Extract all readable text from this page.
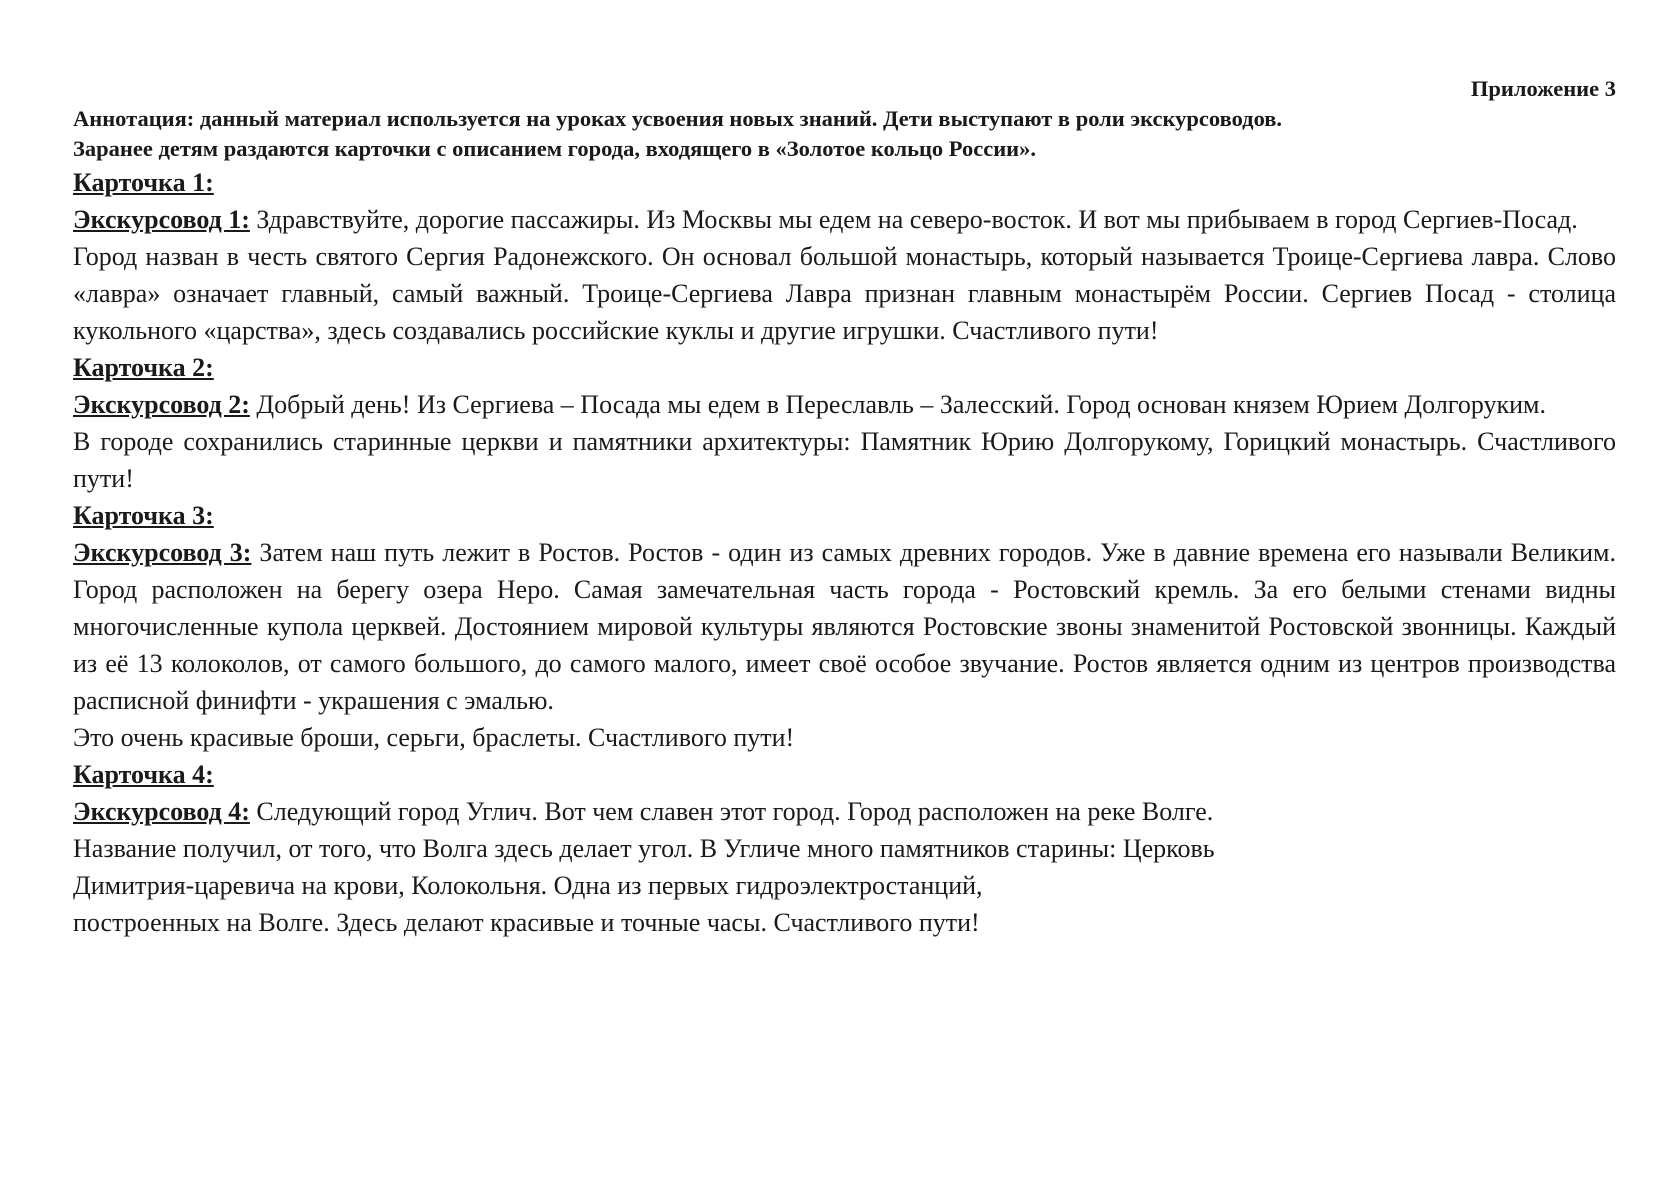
Приложение 3

Аннотация: данный материал используется на уроках усвоения новых знаний. Дети выступают в роли экскурсоводов.

Заранее детям раздаются карточки с описанием города, входящего в «Золотое кольцо России».

Карточка 1:

Экскурсовод 1: Здравствуйте, дорогие пассажиры. Из Москвы мы едем на северо-восток. И вот мы прибываем в город Сергиев-Посад.

Город назван в честь святого Сергия Радонежского. Он основал большой монастырь, который называется Троице-Сергиева лавра. Слово «лавра» означает главный, самый важный. Троице-Сергиева Лавра признан главным монастырём России. Сергиев Посад - столица кукольного «царства», здесь создавались российские куклы и другие игрушки. Счастливого пути!

Карточка 2:

Экскурсовод 2: Добрый день! Из Сергиева – Посада мы едем в Переславль – Залесский. Город основан князем Юрием Долгоруким.

В городе сохранились старинные церкви и памятники архитектуры: Памятник Юрию Долгорукому, Горицкий монастырь. Счастливого пути!

Карточка 3:

Экскурсовод 3: Затем наш путь лежит в Ростов. Ростов - один из самых древних городов. Уже в давние времена его называли Великим. Город расположен на берегу озера Неро. Самая замечательная часть города - Ростовский кремль. За его белыми стенами видны многочисленные купола церквей. Достоянием мировой культуры являются Ростовские звоны знаменитой Ростовской звонницы. Каждый из её 13 колоколов, от самого большого, до самого малого, имеет своё особое звучание. Ростов является одним из центров производства расписной финифти - украшения с эмалью.

Это очень красивые броши, серьги, браслеты. Счастливого пути!

Карточка 4:

Экскурсовод 4: Следующий город Углич. Вот чем славен этот город. Город расположен на реке Волге.
Название получил, от того, что Волга здесь делает угол. В Угличе много памятников старины: Церковь
Димитрия-царевича на крови, Колокольня. Одна из первых гидроэлектростанций,
построенных на Волге. Здесь делают красивые и точные часы. Счастливого пути!
